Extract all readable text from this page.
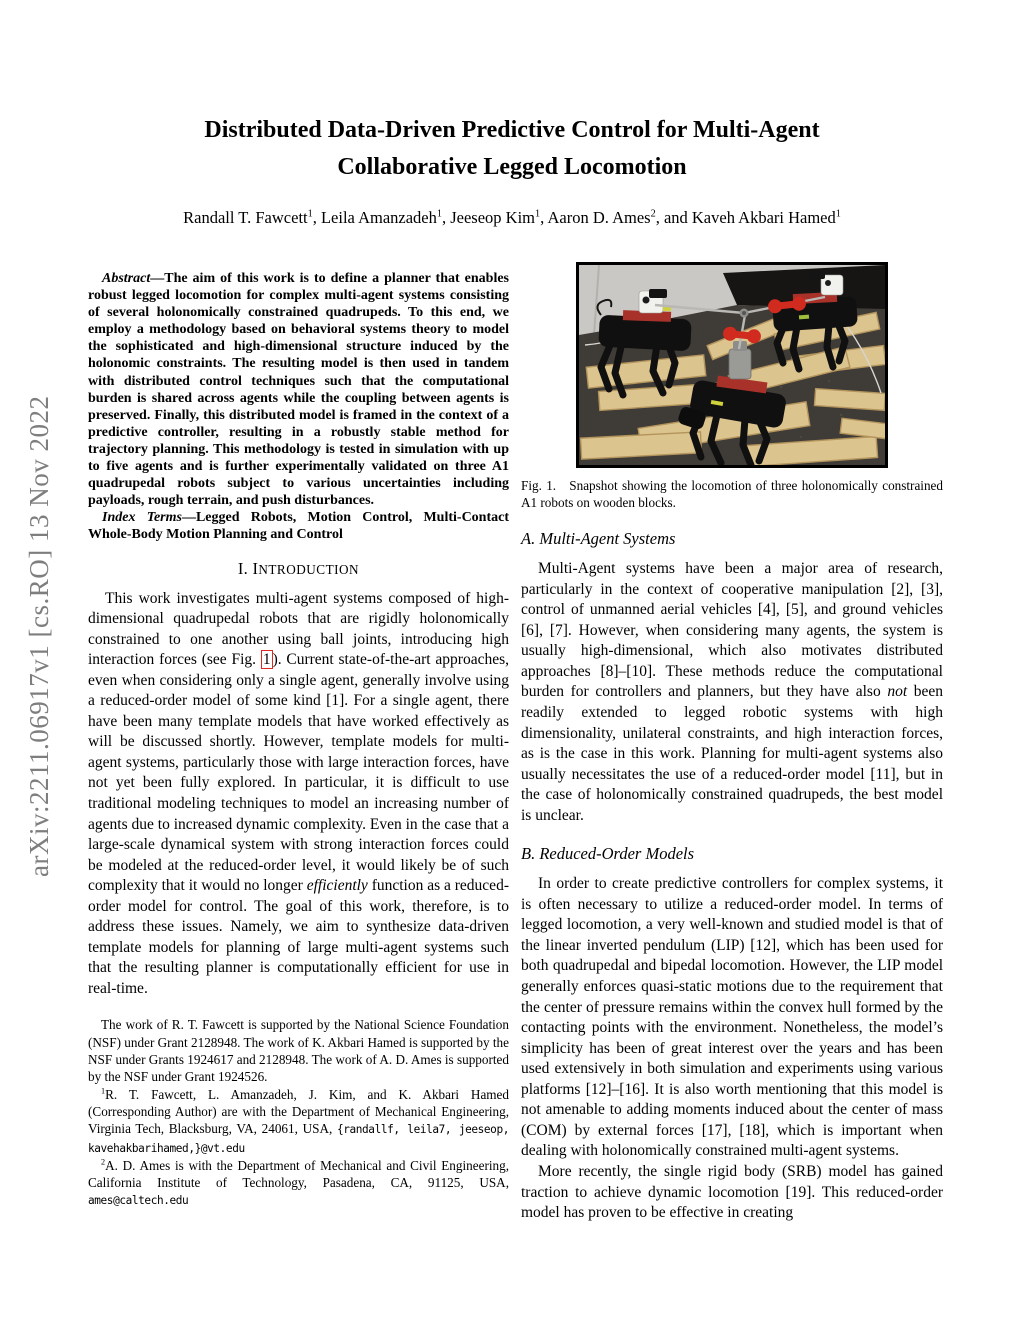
arXiv:2211.06917v1 [cs.RO] 13 Nov 2022
Distributed Data-Driven Predictive Control for Multi-Agent
Collaborative Legged Locomotion
Randall T. Fawcett$^1$, Leila Amanzadeh$^1$, Jeeseop Kim$^1$, Aaron D. Ames$^2$, and Kaveh Akbari Hamed$^1$

Abstract—The aim of this work is to define a planner that enables robust legged locomotion for complex multi-agent systems consisting of several holonomically constrained quadrupeds. To this end, we employ a methodology based on behavioral systems theory to model the sophisticated and high-dimensional structure induced by the holonomic constraints. The resulting model is then used in tandem with distributed control techniques such that the computational burden is shared across agents while the coupling between agents is preserved. Finally, this distributed model is framed in the context of a predictive controller, resulting in a robustly stable method for trajectory planning. This methodology is tested in simulation with up to five agents and is further experimentally validated on three A1 quadrupedal robots subject to various uncertainties including payloads, rough terrain, and push disturbances.

Index Terms—Legged Robots, Motion Control, Multi-Contact Whole-Body Motion Planning and Control

I. INTRODUCTION

This work investigates multi-agent systems composed of high-dimensional quadrupedal robots that are rigidly holonomically constrained to one another using ball joints, introducing high interaction forces (see Fig. 1 ). Current state-of-the-art approaches, even when considering only a single agent, generally involve using a reduced-order model of some kind [1]. For a single agent, there have been many template models that have worked effectively as will be discussed shortly. However, template models for multi-agent systems, particularly those with large interaction forces, have not yet been fully explored. In particular, it is difficult to use traditional modeling techniques to model an increasing number of agents due to increased dynamic complexity. Even in the case that a large-scale dynamical system with strong interaction forces could be modeled at the reduced-order level, it would likely be of such complexity that it would no longer efficiently function as a reduced-order model for control. The goal of this work, therefore, is to address these issues. Namely, we aim to synthesize data-driven template models for planning of large multi-agent systems such that the resulting planner is computationally efficient for use in real-time.

The work of R. T. Fawcett is supported by the National Science Foundation (NSF) under Grant 2128948. The work of K. Akbari Hamed is supported by the NSF under Grants 1924617 and 2128948. The work of A. D. Ames is supported by the NSF under Grant 1924526.

$^1$R. T. Fawcett, L. Amanzadeh, J. Kim, and K. Akbari Hamed (Corresponding Author) are with the Department of Mechanical Engineering, Virginia Tech, Blacksburg, VA, 24061, USA, {randallf, leila7, jeeseop, kavehakbarihamed,}@vt.edu

$^2$A. D. Ames is with the Department of Mechanical and Civil Engineering, California Institute of Technology, Pasadena, CA, 91125, USA, ames@caltech.edu

Fig. 1. Snapshot showing the locomotion of three holonomically constrained A1 robots on wooden blocks.

A. Multi-Agent Systems

Multi-Agent systems have been a major area of research, particularly in the context of cooperative manipulation [2], [3], control of unmanned aerial vehicles [4], [5], and ground vehicles [6], [7]. However, when considering many agents, the system is usually high-dimensional, which also motivates distributed approaches [8]–[10]. These methods reduce the computational burden for controllers and planners, but they have also not been readily extended to legged robotic systems with high dimensionality, unilateral constraints, and high interaction forces, as is the case in this work. Planning for multi-agent systems also usually necessitates the use of a reduced-order model [11], but in the case of holonomically constrained quadrupeds, the best model is unclear.

B. Reduced-Order Models

In order to create predictive controllers for complex systems, it is often necessary to utilize a reduced-order model. In terms of legged locomotion, a very well-known and studied model is that of the linear inverted pendulum (LIP) [12], which has been used for both quadrupedal and bipedal locomotion. However, the LIP model generally enforces quasi-static motions due to the requirement that the center of pressure remains within the convex hull formed by the contacting points with the environment. Nonetheless, the model’s simplicity has been of great interest over the years and has been used extensively in both simulation and experiments using various platforms [12]–[16]. It is also worth mentioning that this model is not amenable to adding moments induced about the center of mass (COM) by external forces [17], [18], which is important when dealing with holonomically constrained multi-agent systems.

More recently, the single rigid body (SRB) model has gained traction to achieve dynamic locomotion [19]. This reduced-order model has proven to be effective in creating
